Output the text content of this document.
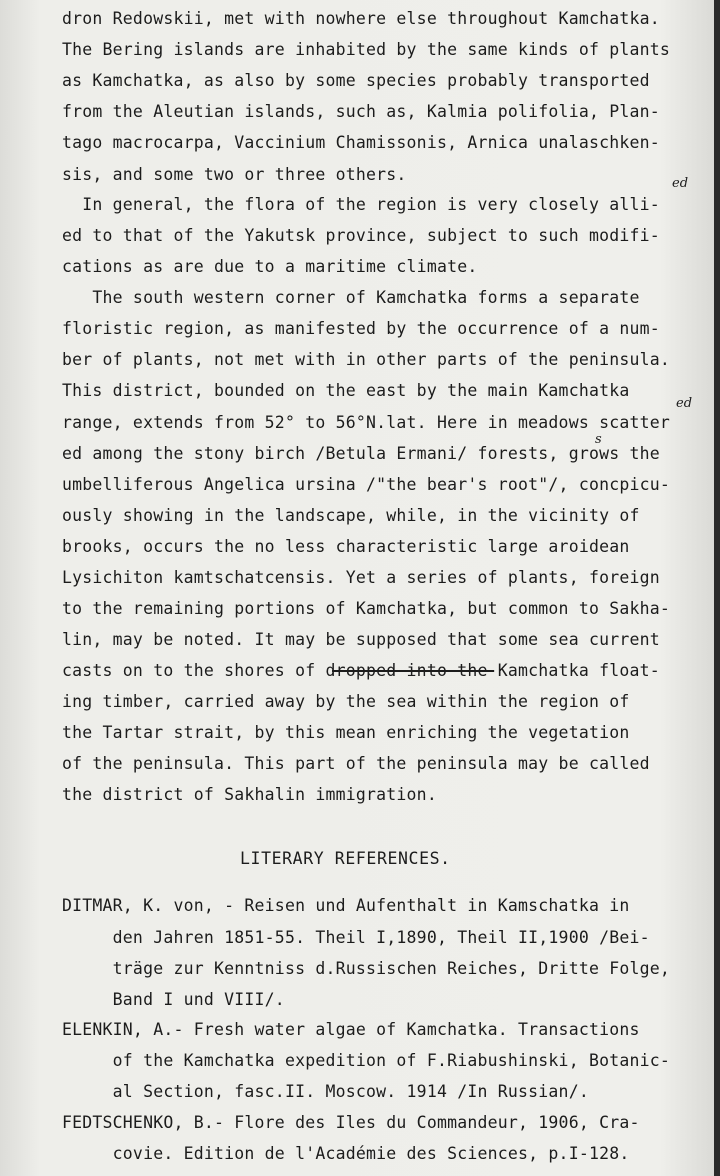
dron Redowskii, met with nowhere else throughout Kamchatka.
The Bering islands are inhabited by the same kinds of plants
as Kamchatka, as also by some species probably transported
from the Aleutian islands, such as, Kalmia polifolia, Plan-
tago macrocarpa, Vaccinium Chamissonis, Arnica unalaschken-
sis, and some two or three others.
In general, the flora of the region is very closely alli-
ed to that of the Yakutsk province, subject to such modifi-
cations as are due to a maritime climate.
The south western corner of Kamchatka forms a separate
floristic region, as manifested by the occurrence of a num-
ber of plants, not met with in other parts of the peninsula.
This district, bounded on the east by the main Kamchatka
range, extends from 52° to 56°N.lat. Here in meadows scatter
ed among the stony birch /Betula Ermani/ forests, grows the
umbelliferous Angelica ursina /"the bear's root"/, concpicu-
ously showing in the landscape, while, in the vicinity of
brooks, occurs the no less characteristic large aroidean
Lysichiton kamtschatcensis. Yet a series of plants, foreign
to the remaining portions of Kamchatka, but common to Sakha-
lin, may be noted. It may be supposed that some sea current
casts on to the shores of dropped into the Kamchatka float-
ing timber, carried away by the sea within the region of
the Tartar strait, by this mean enriching the vegetation
of the peninsula. This part of the peninsula may be called
the district of Sakhalin immigration.
ed
ed
s
LITERARY REFERENCES.
DITMAR, K. von, - Reisen und Aufenthalt in Kamschatka in
den Jahren 1851-55. Theil I,1890, Theil II,1900 /Bei-
träge zur Kenntniss d.Russischen Reiches, Dritte Folge,
Band I und VIII/.
ELENKIN, A.- Fresh water algae of Kamchatka. Transactions
of the Kamchatka expedition of F.Riabushinski, Botanic-
al Section, fasc.II. Moscow. 1914 /In Russian/.
FEDTSCHENKO, B.- Flore des Iles du Commandeur, 1906, Cra-
covie. Edition de l'Académie des Sciences, p.I-128.
